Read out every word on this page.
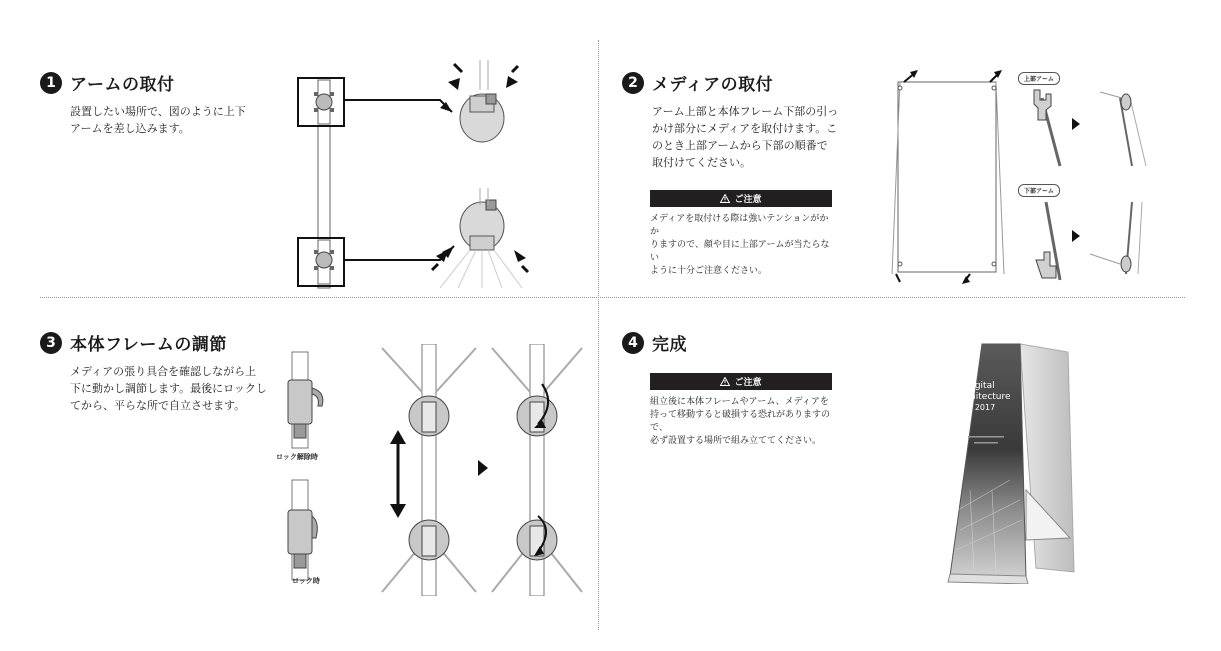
1 アームの取付
設置したい場所で、図のように上下
アームを差し込みます。
2 メディアの取付
アーム上部と本体フレーム下部の引っ
かけ部分にメディアを取付けます。こ
のとき上部アームから下部の順番で
取付けてください。
ご注意
メディアを取付ける際は強いテンションがかか
りますので、顔や目に上部アームが当たらない
ように十分ご注意ください。
上部アーム
下部アーム
3 本体フレームの調節
メディアの張り具合を確認しながら上
下に動かし調節します。最後にロックし
てから、平らな所で自立させます。
ロック解除時
ロック時
4 完成
ご注意
組立後に本体フレームやアーム、メディアを
持って移動すると破損する恐れがありますので、
必ず設置する場所で組み立ててください。
Digital
Architecture
2017
